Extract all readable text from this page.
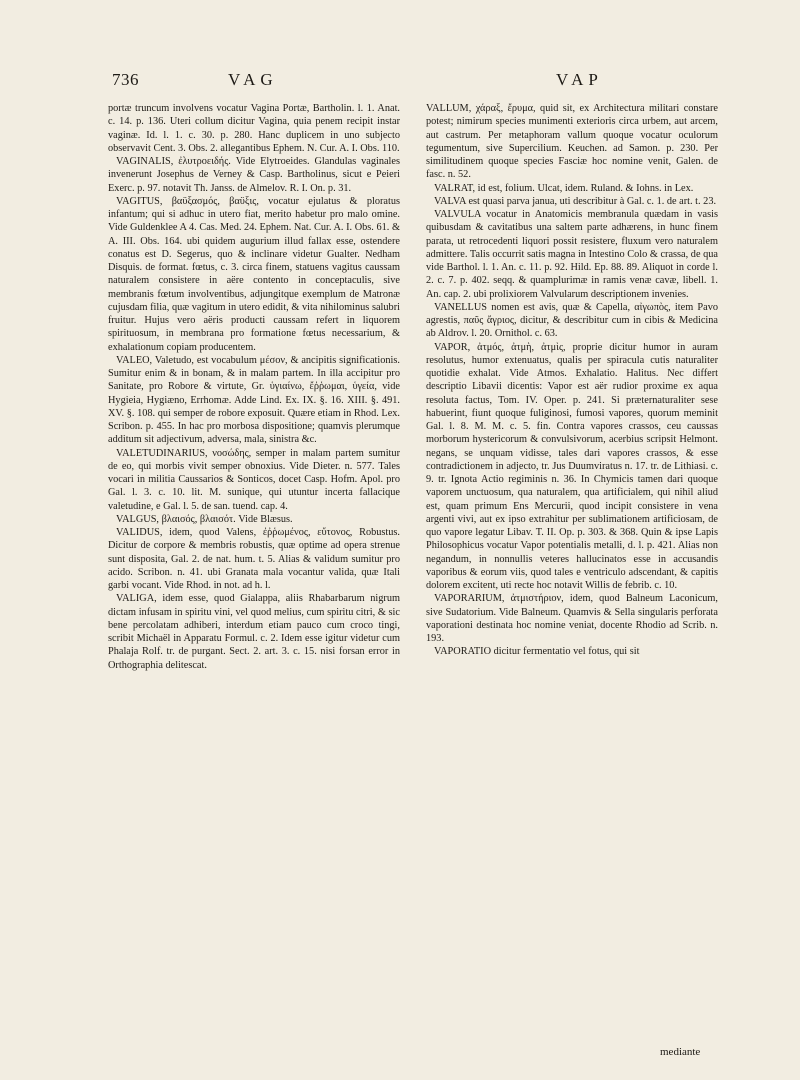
736	VAG	VAP

portæ truncum involvens vocatur Vagina Portæ, Bartholin. l. 1. Anat. c. 14. p. 136. Uteri collum dicitur Vagina, quia penem recipit instar vaginæ. Id. l. 1. c. 30. p. 280. Hanc duplicem in uno subjecto observavit Cent. 3. Obs. 2. allegantibus Ephem. N. Cur. A. I. Obs. 110.

VAGINALIS, ἐλυτροειδής. Vide Elytroeides. Glandulas vaginales invenerunt Josephus de Verney & Casp. Bartholinus, sicut e Peieri Exerc. p. 97. notavit Th. Janss. de Almelov. R. I. On. p. 31.

VAGITUS, βαϋξασμός, βαϋξις, vocatur ejulatus & ploratus infantum; qui si adhuc in utero fiat, merito habetur pro malo omine. Vide Guldenklee A 4. Cas. Med. 24. Ephem. Nat. Cur. A. I. Obs. 61. & A. III. Obs. 164. ubi quidem augurium illud fallax esse, ostendere conatus est D. Segerus, quo & inclinare videtur Gualter. Nedham Disquis. de format. fœtus, c. 3. circa finem, statuens vagitus caussam naturalem consistere in aëre contento in conceptaculis, sive membranis fœtum involventibus, adjungitque exemplum de Matronæ cujusdam filia, quæ vagitum in utero edidit, & vita nihilominus salubri fruitur. Hujus vero aëris producti caussam refert in liquorem spirituosum, in membrana pro formatione fœtus necessarium, & exhalationum copiam producentem.

VALEO, Valetudo, est vocabulum μέσον, & ancipitis significationis. Sumitur enim & in bonam, & in malam partem. In illa accipitur pro Sanitate, pro Robore & virtute, Gr. ὑγιαίνω, ἔῤῥωμαι, ὑγεία, vide Hygieia, Hygiæno, Errhomæ. Adde Lind. Ex. IX. §. 16. XIII. §. 491. XV. §. 108. qui semper de robore exposuit. Quære etiam in Rhod. Lex. Scribon. p. 455. In hac pro morbosa dispositione; quamvis plerumque additum sit adjectivum, adversa, mala, sinistra &c.

VALETUDINARIUS, νοσώδης, semper in malam partem sumitur de eo, qui morbis vivit semper obnoxius. Vide Dieter. n. 577. Tales vocari in militia Caussarios & Sonticos, docet Casp. Hofm. Apol. pro Gal. l. 3. c. 10. lit. M. sunique, qui utuntur incerta fallacique valetudine, e Gal. l. 5. de san. tuend. cap. 4.

VALGUS, βλαισός, βλαισότ. Vide Blæsus.

VALIDUS, idem, quod Valens, ἐῤῥωμένος, εὔτονος, Robustus. Dicitur de corpore & membris robustis, quæ optime ad opera strenue sunt disposita, Gal. 2. de nat. hum. t. 5. Alias & validum sumitur pro acido. Scribon. n. 41. ubi Granata mala vocantur valida, quæ Itali garbi vocant. Vide Rhod. in not. ad h. l.

VALIGA, idem esse, quod Gialappa, aliis Rhabarbarum nigrum dictam infusam in spiritu vini, vel quod melius, cum spiritu citri, & sic bene percolatam adhiberi, interdum etiam pauco cum croco tingi, scribit Michaël in Apparatu Formul. c. 2. Idem esse igitur videtur cum Phalaja Rolf. tr. de purgant. Sect. 2. art. 3. c. 15. nisi forsan error in Orthographia delitescat.

VALLUM, χάραξ, ἔρυμα, quid sit, ex Architectura militari constare potest; nimirum species munimenti exterioris circa urbem, aut arcem, aut castrum. Per metaphoram vallum quoque vocatur oculorum tegumentum, sive Supercilium. Keuchen. ad Samon. p. 230. Per similitudinem quoque species Fasciæ hoc nomine venit, Galen. de fasc. n. 52.

VALRAT, id est, folium. Ulcat, idem. Ruland. & Iohns. in Lex.

VALVA est quasi parva janua, uti describitur à Gal. c. 1. de art. t. 23.

VALVULA vocatur in Anatomicis membranula quædam in vasis quibusdam & cavitatibus una saltem parte adhærens, in hunc finem parata, ut retrocedenti liquori possit resistere, fluxum vero naturalem admittere. Talis occurrit satis magna in Intestino Colo & crassa, de qua vide Barthol. l. 1. An. c. 11. p. 92. Hild. Ep. 88. 89. Aliquot in corde l. 2. c. 7. p. 402. seqq. & quamplurimæ in ramis venæ cavæ, libell. 1. An. cap. 2. ubi prolixiorem Valvularum descriptionem invenies.

VANELLUS nomen est avis, quæ & Capella, αἰγωπὸς, item Pavo agrestis, παῦς ἄγριος, dicitur, & describitur cum in cibis & Medicina ab Aldrov. l. 20. Ornithol. c. 63.

VAPOR, ἀτμός, ἀτμὴ, ἀτμὶς, proprie dicitur humor in auram resolutus, humor extenuatus, qualis per spiracula cutis naturaliter quotidie exhalat. Vide Atmos. Exhalatio. Halitus. Nec differt descriptio Libavii dicentis: Vapor est aër rudior proxime ex aqua resoluta factus, Tom. IV. Oper. p. 241. Si præternaturaliter sese habuerint, fiunt quoque fuliginosi, fumosi vapores, quorum meminit Gal. l. 8. M. M. c. 5. fin. Contra vapores crassos, ceu caussas morborum hystericorum & convulsivorum, acerbius scripsit Helmont. negans, se unquam vidisse, tales dari vapores crassos, & esse contradictionem in adjecto, tr. Jus Duumviratus n. 17. tr. de Lithiasi. c. 9. tr. Ignota Actio regiminis n. 36. In Chymicis tamen dari quoque vaporem unctuosum, qua naturalem, qua artificialem, qui nihil aliud est, quam primum Ens Mercurii, quod incipit consistere in vena argenti vivi, aut ex ipso extrahitur per sublimationem artificiosam, de quo vapore legatur Libav. T. II. Op. p. 303. & 368. Quin & ipse Lapis Philosophicus vocatur Vapor potentialis metalli, d. l. p. 421. Alias non negandum, in nonnullis veteres hallucinatos esse in accusandis vaporibus & eorum viis, quod tales e ventriculo adscendant, & capitis dolorem excitent, uti recte hoc notavit Willis de febrib. c. 10.

VAPORARIUM, ἀτμιστήριον, idem, quod Balneum Laconicum, sive Sudatorium. Vide Balneum. Quamvis & Sella singularis perforata vaporationi destinata hoc nomine veniat, docente Rhodio ad Scrib. n. 193.

VAPORATIO dicitur fermentatio vel fotus, qui sit

mediante
